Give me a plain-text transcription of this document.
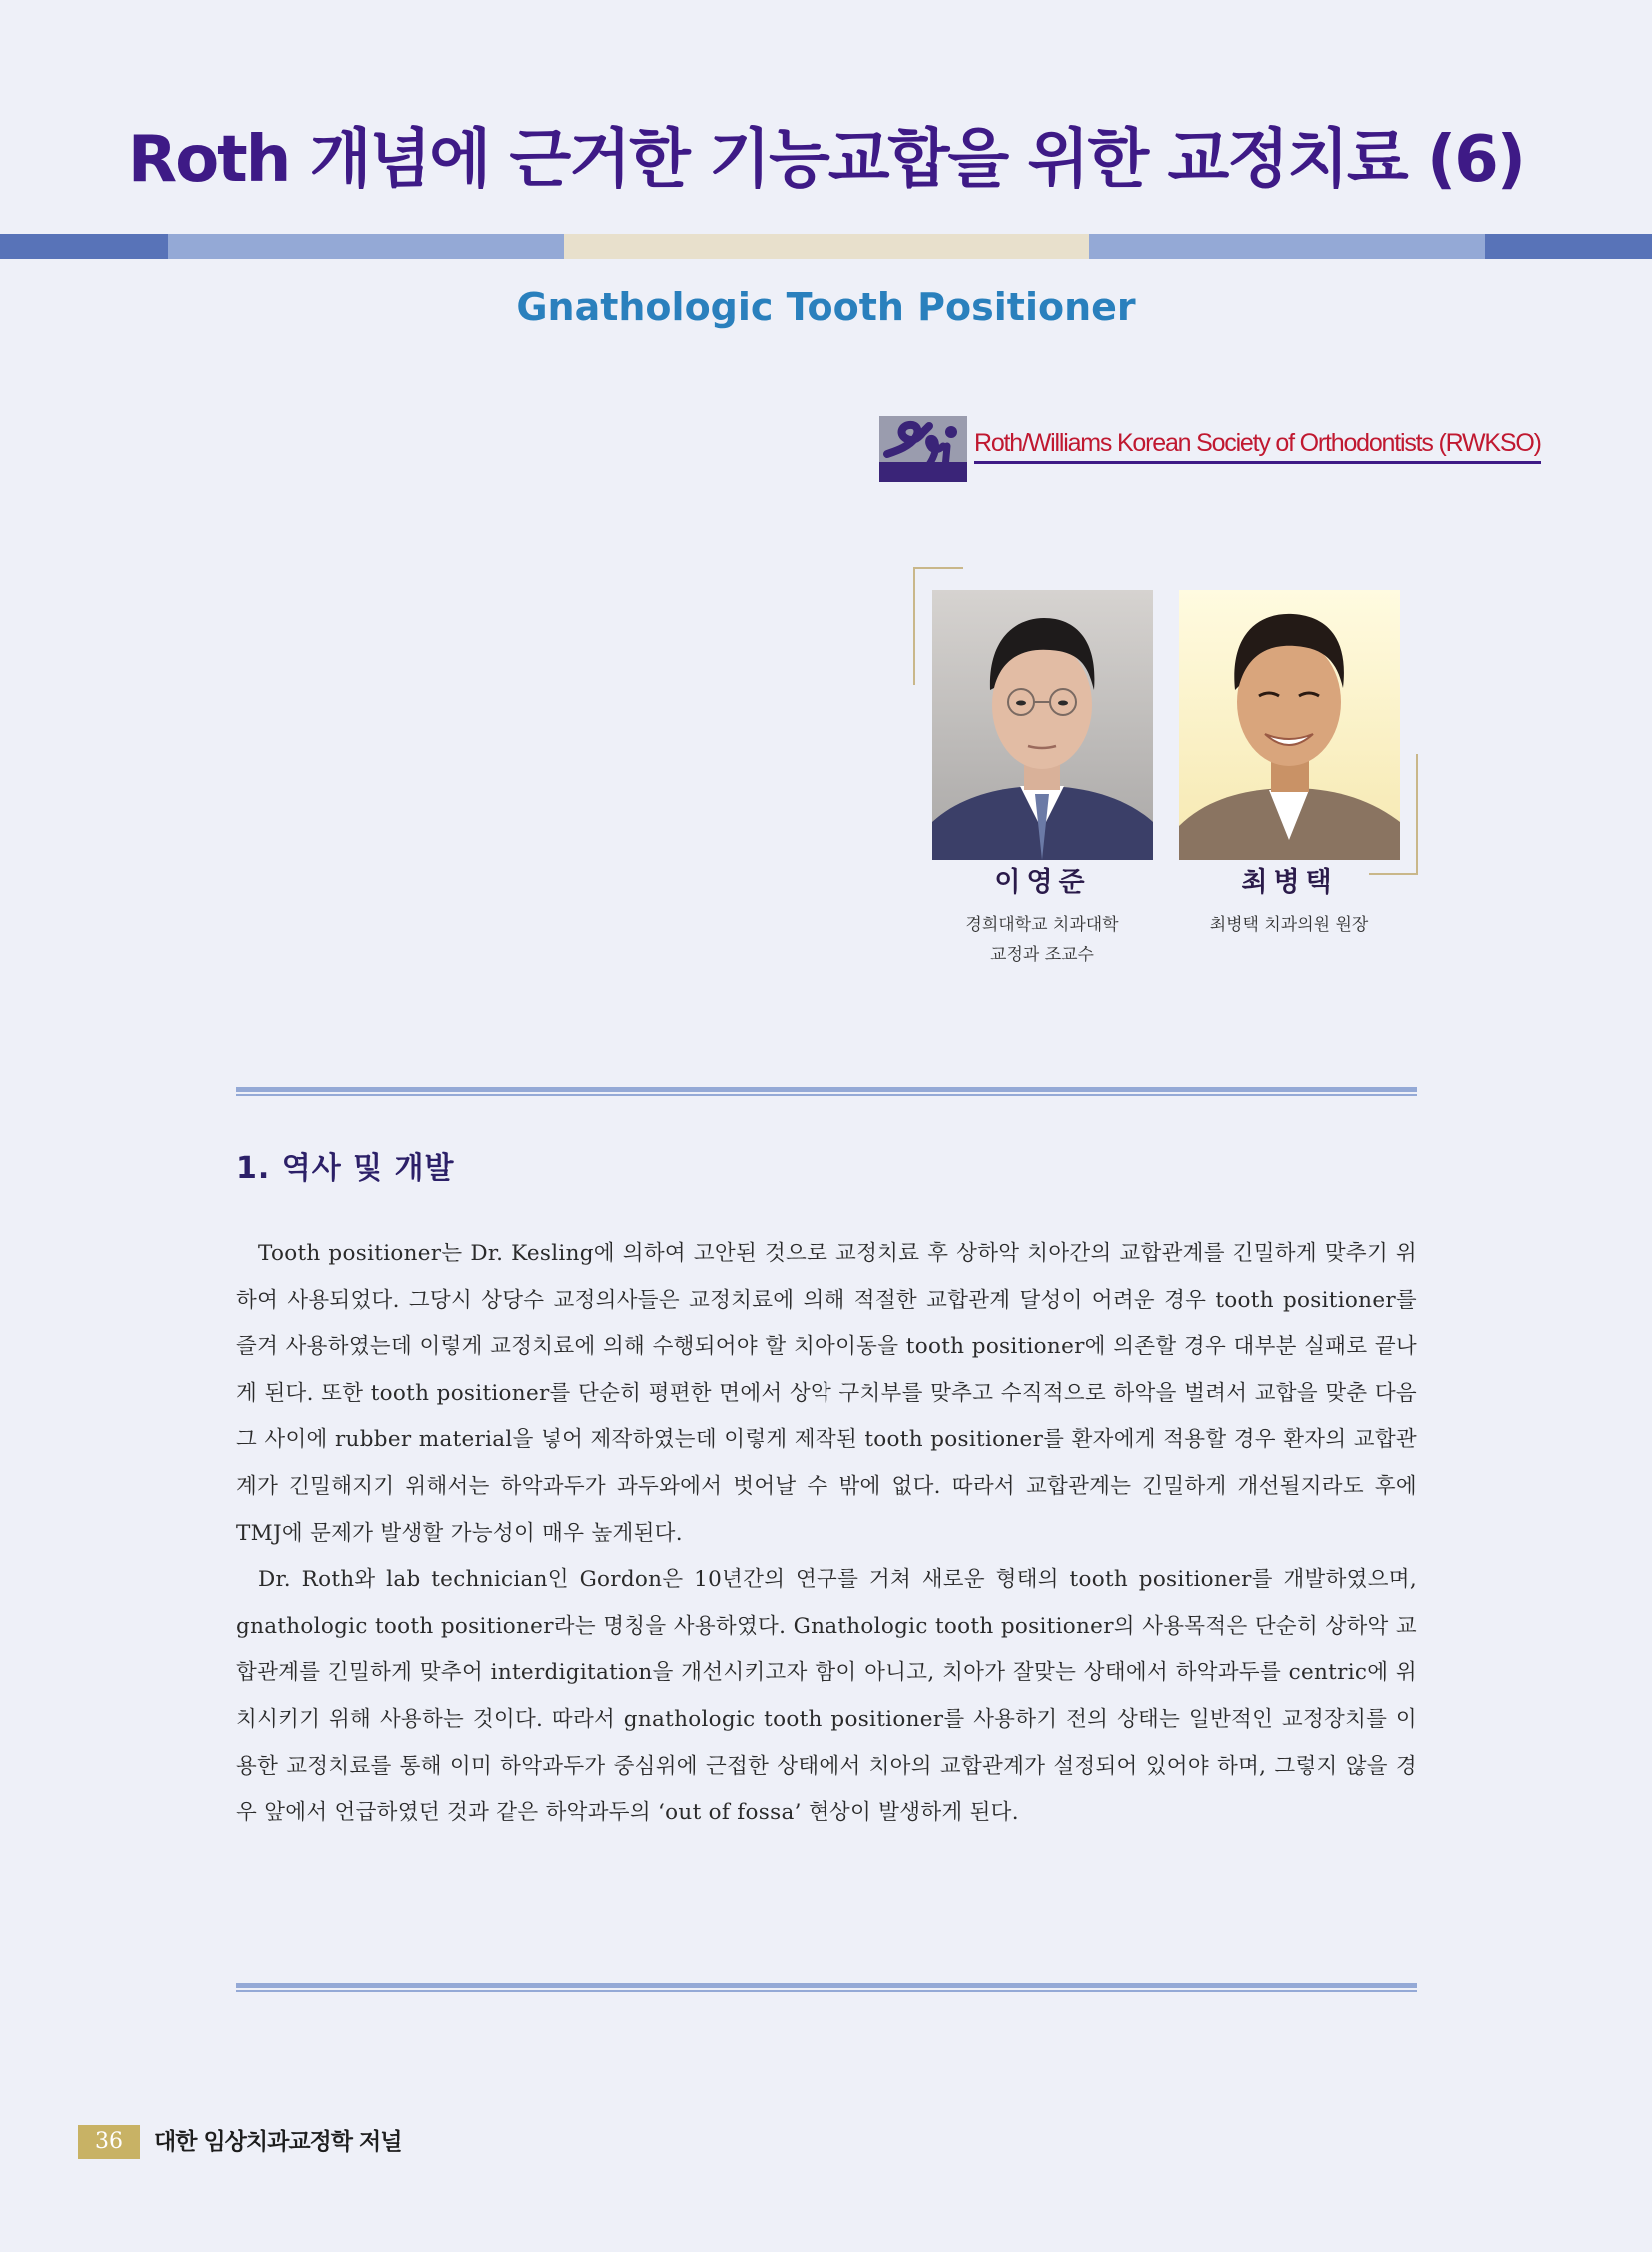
Roth 개념에 근거한 기능교합을 위한 교정치료 (6)
Gnathologic Tooth Positioner
Roth/Williams Korean Society of Orthodontists (RWKSO)

이영준

경희대학교 치과대학
교정과 조교수

최병택

최병택 치과의원 원장
1. 역사 및 개발

Tooth positioner는 Dr. Kesling에 의하여 고안된 것으로 교정치료 후 상하악 치아간의 교합관계를 긴밀하게 맞추기 위하여 사용되었다. 그당시 상당수 교정의사들은 교정치료에 의해 적절한 교합관계 달성이 어려운 경우 tooth positioner를 즐겨 사용하였는데 이렇게 교정치료에 의해 수행되어야 할 치아이동을 tooth positioner에 의존할 경우 대부분 실패로 끝나게 된다. 또한 tooth positioner를 단순히 평편한 면에서 상악 구치부를 맞추고 수직적으로 하악을 벌려서 교합을 맞춘 다음 그 사이에 rubber material을 넣어 제작하였는데 이렇게 제작된 tooth positioner를 환자에게 적용할 경우 환자의 교합관계가 긴밀해지기 위해서는 하악과두가 과두와에서 벗어날 수 밖에 없다. 따라서 교합관계는 긴밀하게 개선될지라도 후에 TMJ에 문제가 발생할 가능성이 매우 높게된다.

Dr. Roth와 lab technician인 Gordon은 10년간의 연구를 거쳐 새로운 형태의 tooth positioner를 개발하였으며, gnathologic tooth positioner라는 명칭을 사용하였다. Gnathologic tooth positioner의 사용목적은 단순히 상하악 교합관계를 긴밀하게 맞추어 interdigitation을 개선시키고자 함이 아니고, 치아가 잘맞는 상태에서 하악과두를 centric에 위치시키기 위해 사용하는 것이다. 따라서 gnathologic tooth positioner를 사용하기 전의 상태는 일반적인 교정장치를 이용한 교정치료를 통해 이미 하악과두가 중심위에 근접한 상태에서 치아의 교합관계가 설정되어 있어야 하며, 그렇지 않을 경우 앞에서 언급하였던 것과 같은 하악과두의 ‘out of fossa’ 현상이 발생하게 된다.

36	대한 임상치과교정학 저널
